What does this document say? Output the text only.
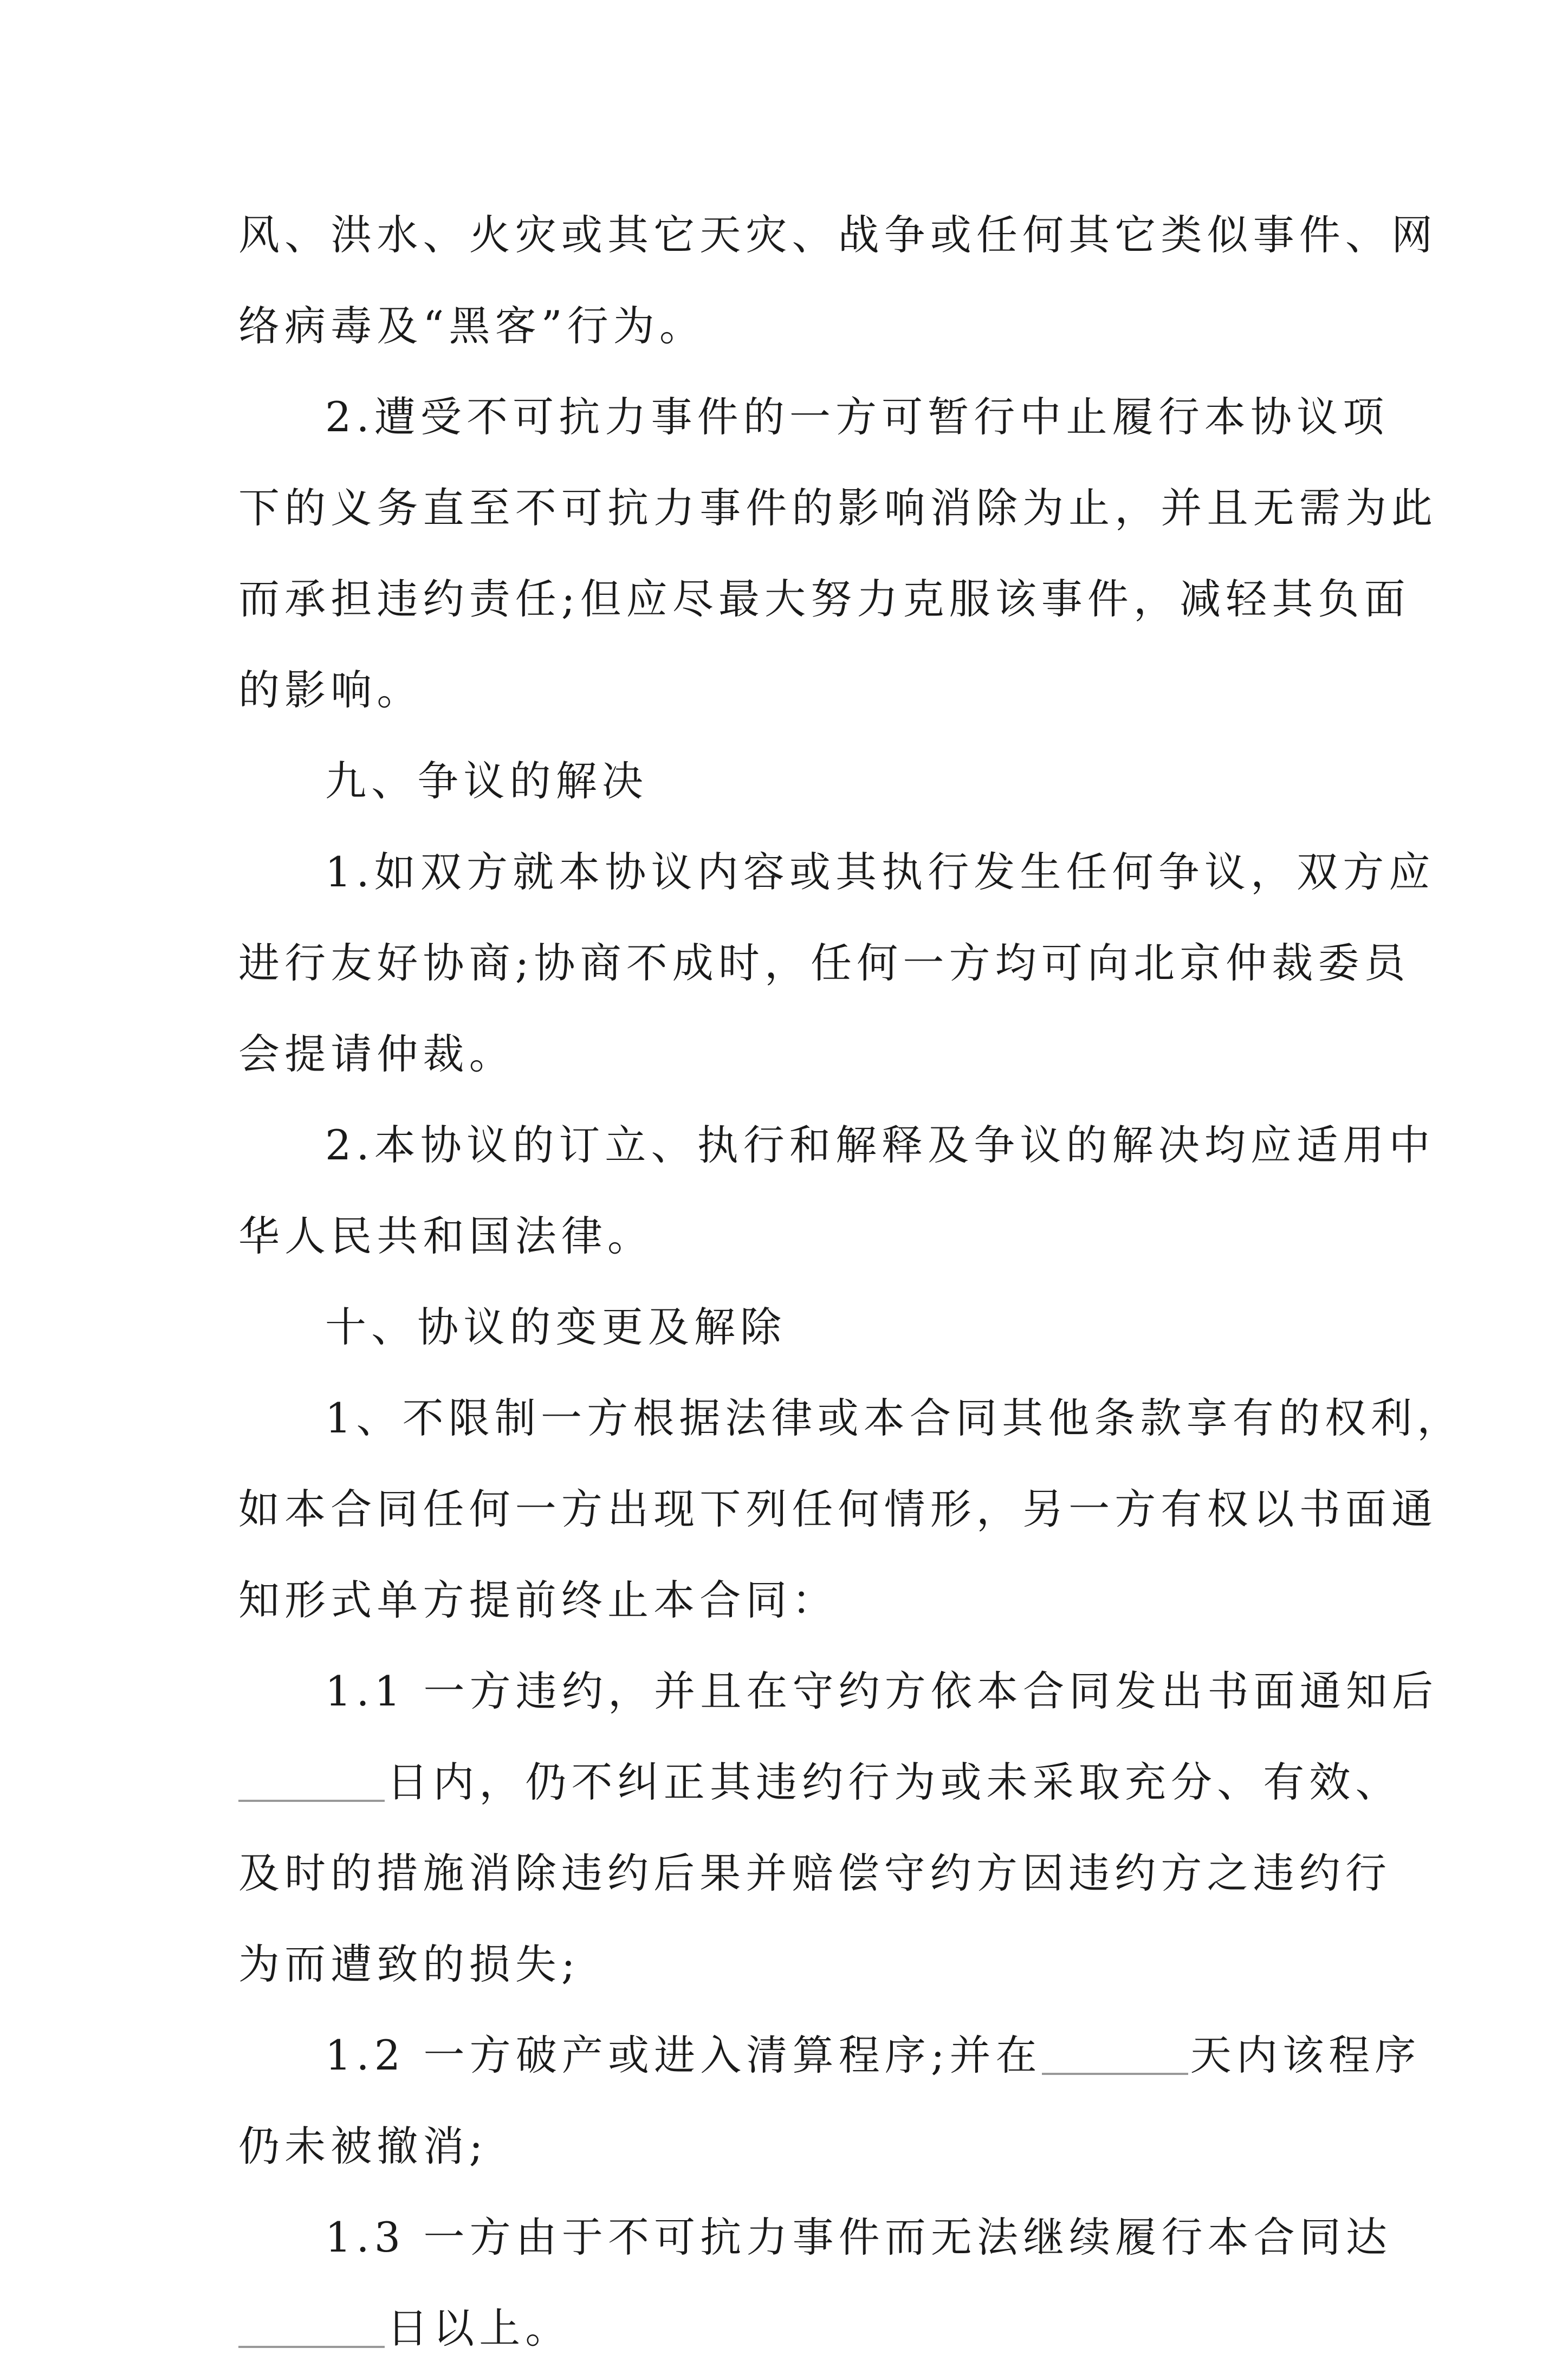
风、洪水、火灾或其它天灾、战争或任何其它类似事件、网
络病毒及“黑客”行为。
2.遭受不可抗力事件的一方可暂行中止履行本协议项
下的义务直至不可抗力事件的影响消除为止，并且无需为此
而承担违约责任;但应尽最大努力克服该事件，减轻其负面
的影响。
九、争议的解决
1.如双方就本协议内容或其执行发生任何争议，双方应
进行友好协商;协商不成时，任何一方均可向北京仲裁委员
会提请仲裁。
2.本协议的订立、执行和解释及争议的解决均应适用中
华人民共和国法律。
十、协议的变更及解除
1、不限制一方根据法律或本合同其他条款享有的权利，
如本合同任何一方出现下列任何情形，另一方有权以书面通
知形式单方提前终止本合同：
1.1 一方违约，并且在守约方依本合同发出书面通知后
日内，仍不纠正其违约行为或未采取充分、有效、
及时的措施消除违约后果并赔偿守约方因违约方之违约行
为而遭致的损失;
1.2 一方破产或进入清算程序;并在	天内该程序
仍未被撤消;
1.3 一方由于不可抗力事件而无法继续履行本合同达
日以上。
